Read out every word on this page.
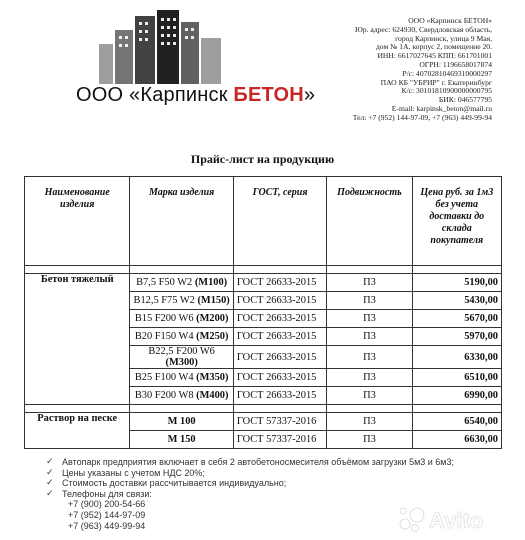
ООО «Карпинск БЕТОН»
ООО «Карпинск БЕТОН»
Юр. адрес: 624930, Свердловская область,
город Карпинск, улица 9 Мая,
дом № 1А, корпус 2, помещение 20.
ИНН: 6617027645 КПП: 661701001
ОГРН: 1196658017874
Р/с: 40702810469310000297
ПАО КБ "УБРИР" г. Екатеринбург
К/с: 30101810900000000795
БИК: 046577795
E-mail: karpinsk_beton@mail.ru
Тел: +7 (952) 144-97-09, +7 (963) 449-99-94
Прайс-лист на продукцию
Наименование изделия	Марка изделия	ГОСТ, серия	Подвижность	Цена руб. за 1м3 без учета доставки до склада покупателя

Бетон тяжелый	В7,5 F50 W2 (М100)	ГОСТ 26633-2015	П3	5190,00
	В12,5 F75 W2 (М150)	ГОСТ 26633-2015	П3	5430,00
	В15 F200 W6 (М200)	ГОСТ 26633-2015	П3	5670,00
	В20 F150 W4 (М250)	ГОСТ 26633-2015	П3	5970,00
	В22,5 F200 W6 (М300)	ГОСТ 26633-2015	П3	6330,00
	В25 F100 W4 (М350)	ГОСТ 26633-2015	П3	6510,00
	В30 F200 W8 (М400)	ГОСТ 26633-2015	П3	6990,00

Раствор на песке	М 100	ГОСТ 57337-2016	П3	6540,00
	М 150	ГОСТ 57337-2016	П3	6630,00
✓ Автопарк предприятия включает в себя 2 автобетоносмесителя объёмом загрузки 5м3 и 6м3;
✓ Цены указаны с учетом НДС 20%;
✓ Стоимость доставки рассчитывается индивидуально;
✓ Телефоны для связи:
+7 (900) 200-54-66
+7 (952) 144-97-09
+7 (963) 449-99-94	Avito
